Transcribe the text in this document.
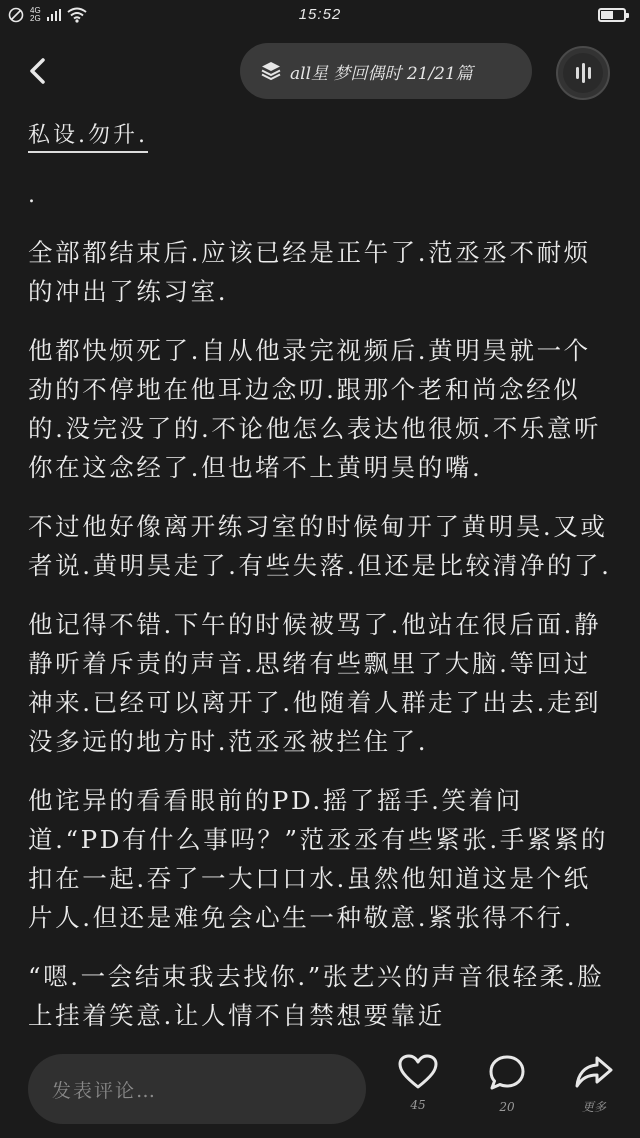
4G
2G	15:52
all星 梦回偶时 21/21篇
私设.勿升.
.

全部都结束后.应该已经是正午了.范丞丞不耐烦的冲出了练习室.

他都快烦死了.自从他录完视频后.黄明昊就一个劲的不停地在他耳边念叨.跟那个老和尚念经似的.没完没了的.不论他怎么表达他很烦.不乐意听你在这念经了.但也堵不上黄明昊的嘴.

不过他好像离开练习室的时候甸开了黄明昊.又或者说.黄明昊走了.有些失落.但还是比较清净的了.

他记得不错.下午的时候被骂了.他站在很后面.静静听着斥责的声音.思绪有些飘里了大脑.等回过神来.已经可以离开了.他随着人群走了出去.走到没多远的地方时.范丞丞被拦住了.

他诧异的看看眼前的PD.摇了摇手.笑着问道.“PD有什么事吗？”范丞丞有些紧张.手紧紧的扣在一起.吞了一大口口水.虽然他知道这是个纸片人.但还是难免会心生一种敬意.紧张得不行.

“嗯.一会结束我去找你.”张艺兴的声音很轻柔.脸上挂着笑意.让人情不自禁想要靠近

发表评论…
45	20	更多
